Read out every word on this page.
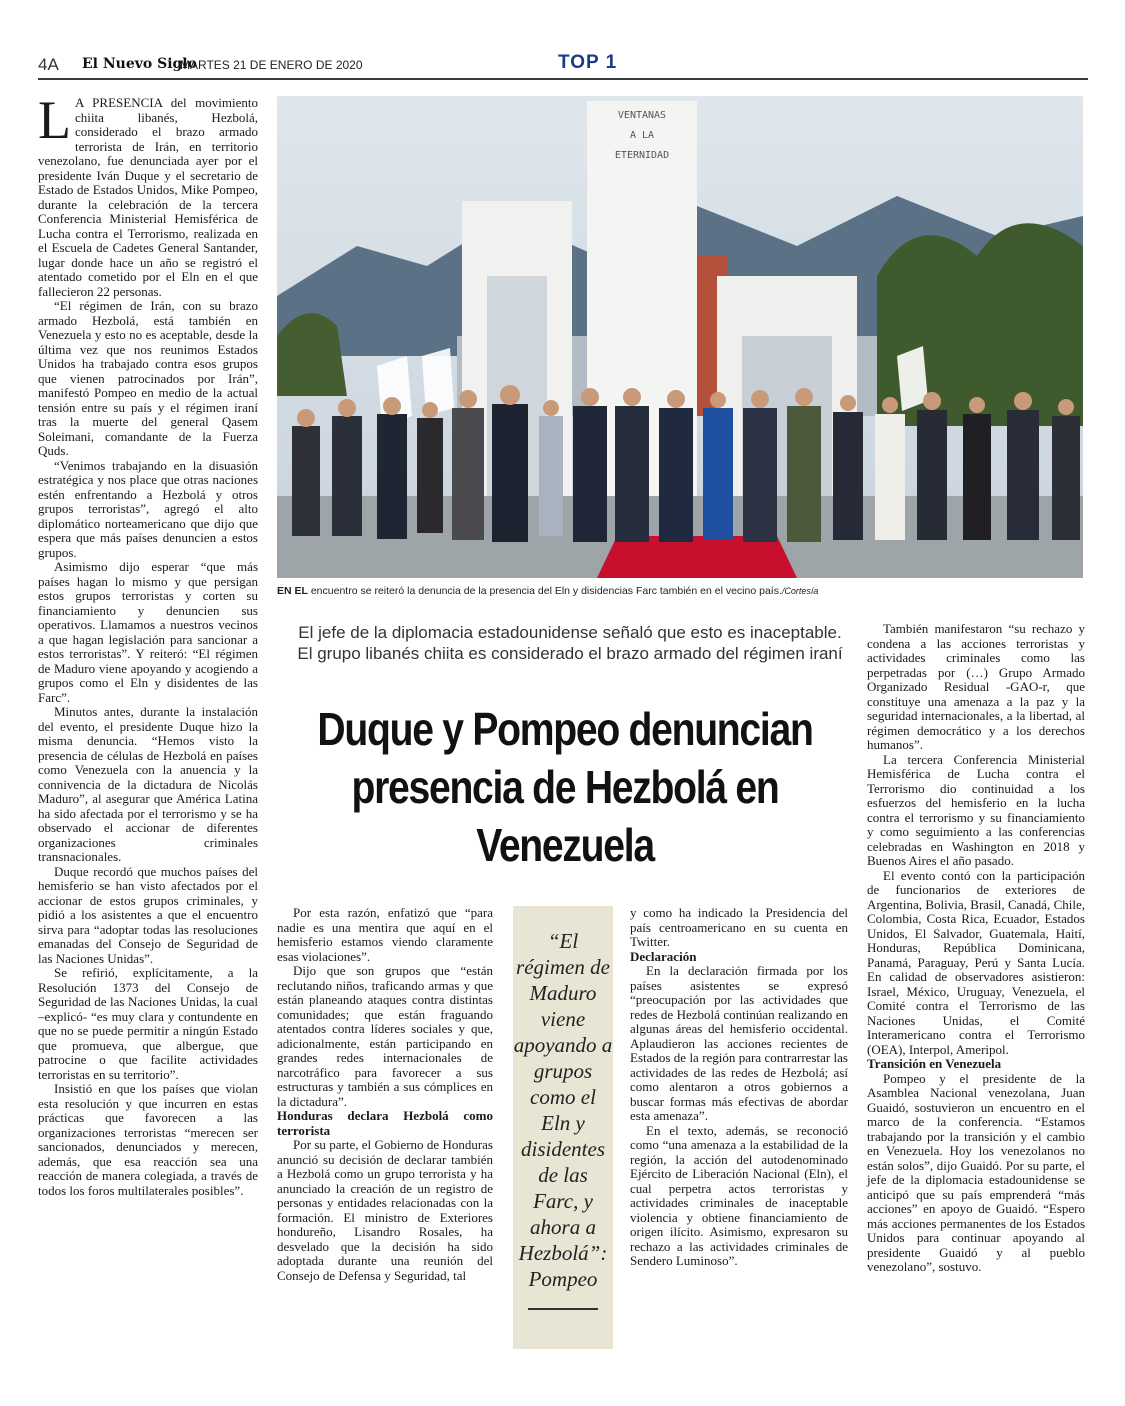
4A El Nuevo Siglo
MARTES 21 DE ENERO DE 2020	TOP 1

L A PRESENCIA del movimiento chiita libanés, Hezbolá, considerado el brazo armado terrorista de Irán, en territorio venezolano, fue denunciada ayer por el presidente Iván Duque y el secretario de Estado de Estados Unidos, Mike Pompeo, durante la celebración de la tercera Conferencia Ministerial Hemisférica de Lucha contra el Terrorismo, realizada en el Escuela de Cadetes General Santander, lugar donde hace un año se registró el atentado cometido por el Eln en el que fallecieron 22 personas.

“El régimen de Irán, con su brazo armado Hezbolá, está también en Venezuela y esto no es aceptable, desde la última vez que nos reunimos Estados Unidos ha trabajado contra esos grupos que vienen patrocinados por Irán”, manifestó Pompeo en medio de la actual tensión entre su país y el régimen iraní tras la muerte del general Qasem Soleimani, comandante de la Fuerza Quds.

“Venimos trabajando en la disuasión estratégica y nos place que otras naciones estén enfrentando a Hezbolá y otros grupos terroristas”, agregó el alto diplomático norteamericano que dijo que espera que más países denuncien a estos grupos.

Asimismo dijo esperar “que más países hagan lo mismo y que persigan estos grupos terroristas y corten su financiamiento y denuncien sus operativos. Llamamos a nuestros vecinos a que hagan legislación para sancionar a estos terroristas”. Y reiteró: “El régimen de Maduro viene apoyando y acogiendo a grupos como el Eln y disidentes de las Farc”.

Minutos antes, durante la instalación del evento, el presidente Duque hizo la misma denuncia. “Hemos visto la presencia de células de Hezbolá en países como Venezuela con la anuencia y la connivencia de la dictadura de Nicolás Maduro”, al asegurar que América Latina ha sido afectada por el terrorismo y se ha observado el accionar de diferentes organizaciones criminales transnacionales.

Duque recordó que muchos países del hemisferio se han visto afectados por el accionar de estos grupos criminales, y pidió a los asistentes a que el encuentro sirva para “adoptar todas las resoluciones emanadas del Consejo de Seguridad de las Naciones Unidas”.

Se refirió, explícitamente, a la Resolución 1373 del Consejo de Seguridad de las Naciones Unidas, la cual –explicó- “es muy clara y contundente en que no se puede permitir a ningún Estado que promueva, que albergue, que patrocine o que facilite actividades terroristas en su territorio”.

Insistió en que los países que violan esta resolución y que incurren en estas prácticas que favorecen a las organizaciones terroristas “merecen ser sancionados, denunciados y merecen, además, que esa reacción sea una reacción de manera colegiada, a través de todos los foros multilaterales posibles”.

VENTANAS
A LA
ETERNIDAD
EN EL encuentro se reiteró la denuncia de la presencia del Eln y disidencias Farc también en el vecino país./Cortesía
El jefe de la diplomacia estadounidense señaló que esto es inaceptable. El grupo libanés chiita es considerado el brazo armado del régimen iraní
Duque y Pompeo denuncian presencia de Hezbolá en Venezuela

Por esta razón, enfatizó que “para nadie es una mentira que aquí en el hemisferio estamos viendo claramente esas violaciones”.

Dijo que son grupos que “están reclutando niños, traficando armas y que están planeando ataques contra distintas comunidades; que están fraguando atentados contra líderes sociales y que, adicionalmente, están participando en grandes redes internacionales de narcotráfico para favorecer a sus estructuras y también a sus cómplices en la dictadura”.

Honduras declara Hezbolá como terrorista

Por su parte, el Gobierno de Honduras anunció su decisión de declarar también a Hezbolá como un grupo terrorista y ha anunciado la creación de un registro de personas y entidades relacionadas con la formación. El ministro de Exteriores hondureño, Lisandro Rosales, ha desvelado que la decisión ha sido adoptada durante una reunión del Consejo de Defensa y Seguridad, tal

“El régimen de Maduro viene apoyando a grupos como el Eln y disidentes de las Farc, y ahora a Hezbolá”: Pompeo

y como ha indicado la Presidencia del país centroamericano en su cuenta en Twitter.

Declaración

En la declaración firmada por los países asistentes se expresó “preocupación por las actividades que redes de Hezbolá continúan realizando en algunas áreas del hemisferio occidental. Aplaudieron las acciones recientes de Estados de la región para contrarrestar las actividades de las redes de Hezbolá; así como alentaron a otros gobiernos a buscar formas más efectivas de abordar esta amenaza”.

En el texto, además, se reconoció como “una amenaza a la estabilidad de la región, la acción del autodenominado Ejército de Liberación Nacional (Eln), el cual perpetra actos terroristas y actividades criminales de inaceptable violencia y obtiene financiamiento de origen ilícito. Asimismo, expresaron su rechazo a las actividades criminales de Sendero Luminoso”.

También manifestaron “su rechazo y condena a las acciones terroristas y actividades criminales como las perpetradas por (…) Grupo Armado Organizado Residual -GAO-r, que constituye una amenaza a la paz y la seguridad internacionales, a la libertad, al régimen democrático y a los derechos humanos”.

La tercera Conferencia Ministerial Hemisférica de Lucha contra el Terrorismo dio continuidad a los esfuerzos del hemisferio en la lucha contra el terrorismo y su financiamiento y como seguimiento a las conferencias celebradas en Washington en 2018 y Buenos Aires el año pasado.

El evento contó con la participación de funcionarios de exteriores de Argentina, Bolivia, Brasil, Canadá, Chile, Colombia, Costa Rica, Ecuador, Estados Unidos, El Salvador, Guatemala, Haití, Honduras, República Dominicana, Panamá, Paraguay, Perú y Santa Lucía. En calidad de observadores asistieron: Israel, México, Uruguay, Venezuela, el Comité contra el Terrorismo de las Naciones Unidas, el Comité Interamericano contra el Terrorismo (OEA), Interpol, Ameripol.

Transición en Venezuela

Pompeo y el presidente de la Asamblea Nacional venezolana, Juan Guaidó, sostuvieron un encuentro en el marco de la conferencia. “Estamos trabajando por la transición y el cambio en Venezuela. Hoy los venezolanos no están solos”, dijo Guaidó. Por su parte, el jefe de la diplomacia estadounidense se anticipó que su país emprenderá “más acciones” en apoyo de Guaidó. “Espero más acciones permanentes de los Estados Unidos para continuar apoyando al presidente Guaidó y al pueblo venezolano”, sostuvo.
